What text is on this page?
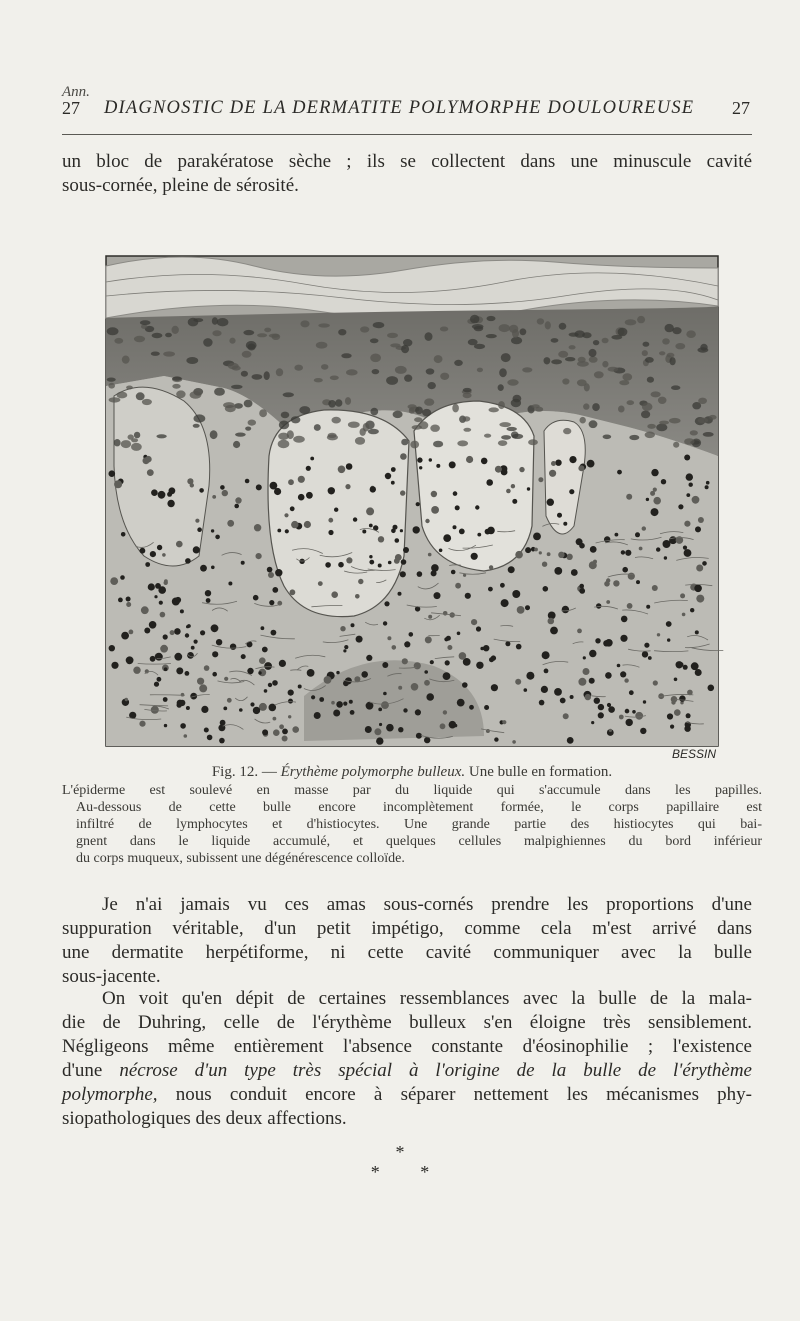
Ann.
27 DIAGNOSTIC DE LA DERMATITE POLYMORPHE DOULOUREUSE 27

un bloc de parakératose sèche ; ils se collectent dans une minuscule cavité
sous-cornée, pleine de sérosité.

BESSIN
Fig. 12. — Érythème polymorphe bulleux. Une bulle en formation.
L'épiderme est soulevé en masse par du liquide qui s'accumule dans les papilles.
Au-dessous de cette bulle encore incomplètement formée, le corps papillaire est
infiltré de lymphocytes et d'histiocytes. Une grande partie des histiocytes qui bai-
gnent dans le liquide accumulé, et quelques cellules malpighiennes du bord inférieur
du corps muqueux, subissent une dégénérescence colloïde.

Je n'ai jamais vu ces amas sous-cornés prendre les proportions d'une
suppuration véritable, d'un petit impétigo, comme cela m'est arrivé dans
une dermatite herpétiforme, ni cette cavité communiquer avec la bulle
sous-jacente.

On voit qu'en dépit de certaines ressemblances avec la bulle de la mala-
die de Duhring, celle de l'érythème bulleux s'en éloigne très sensiblement.
Négligeons même entièrement l'absence constante d'éosinophilie ; l'existence
d'une nécrose d'un type très spécial à l'origine de la bulle de l'érythème
polymorphe, nous conduit encore à séparer nettement les mécanismes phy-
siopathologiques des deux affections.

*
* *
